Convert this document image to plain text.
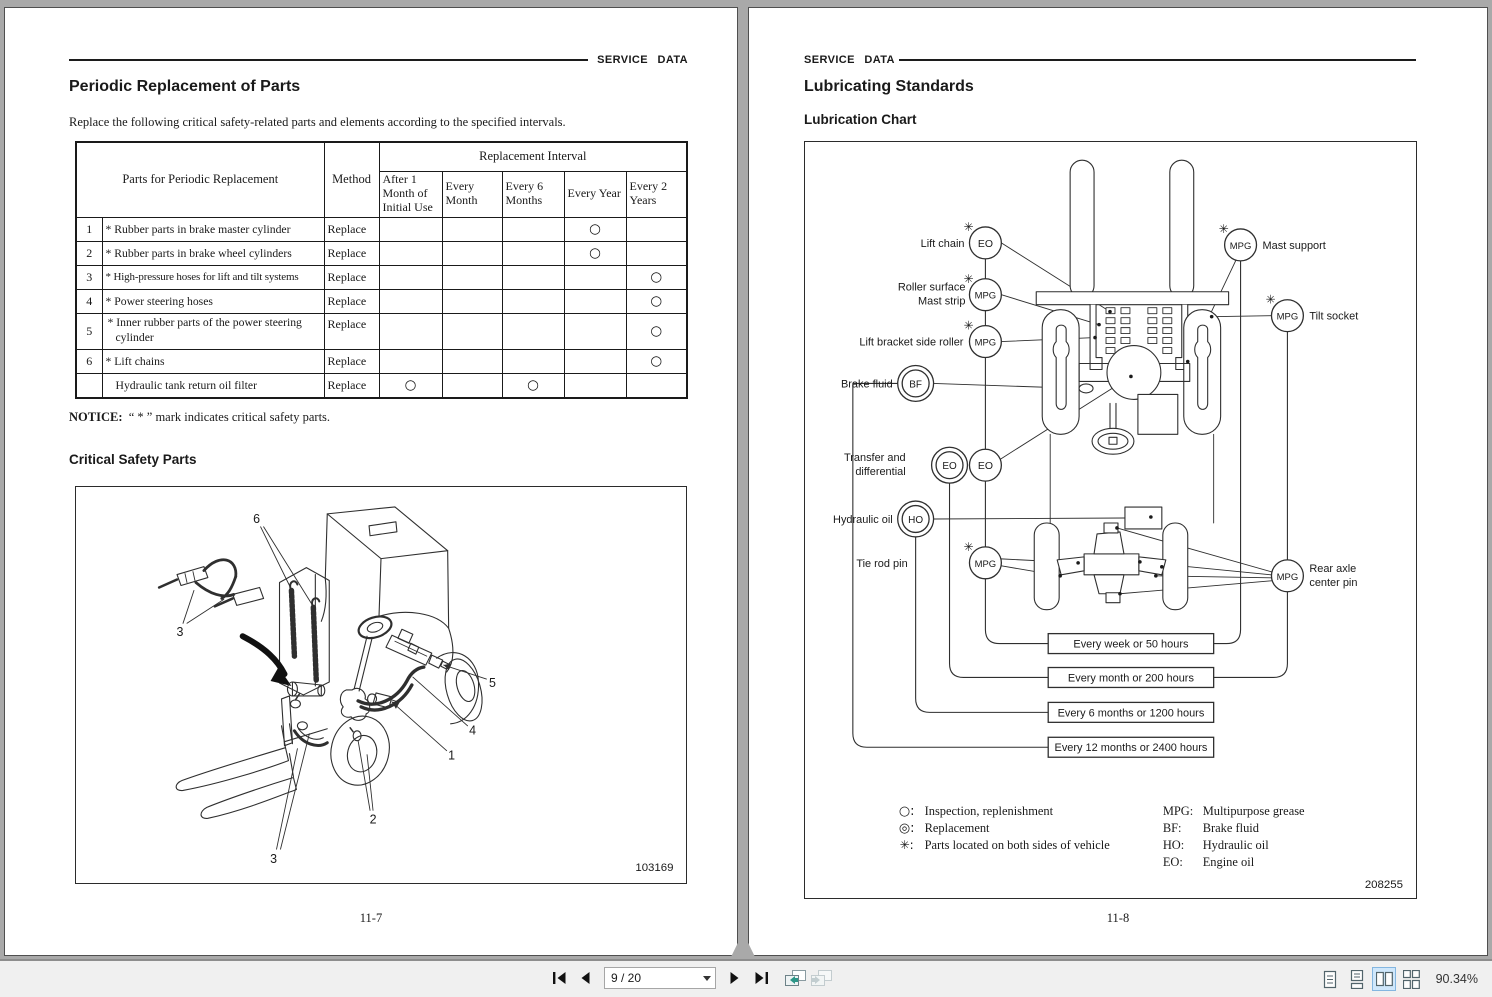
SERVICE DATA
Periodic Replacement of Parts
Replace the following critical safety-related parts and elements according to the specified intervals.
Parts for Periodic Replacement		Method	Replacement Interval				
			After 1 Month of Initial Use	Every Month	Every 6 Months	Every Year	Every 2 Years
1	* Rubber parts in brake master cylinder	Replace				○	
2	* Rubber parts in brake wheel cylinders	Replace				○	
3	* High-pressure hoses for lift and tilt systems	Replace					○
4	* Power steering hoses	Replace					○
5	* Inner rubber parts of the power steering cylinder	Replace					○
6	* Lift chains	Replace					○
	Hydraulic tank return oil filter	Replace	○		○		
NOTICE: “ * ” mark indicates critical safety parts.
Critical Safety Parts
6
3
5
4
1
2
3
103169
11-7
SERVICE DATA
Lubricating Standards
Lubrication Chart
EO
MPG
MPG
BF
EO EO
HO
MPG
MPG
MPG
MPG
✳
✳
✳
✳
✳
✳
Lift chain
Roller surface
Mast strip
Lift bracket side roller
Brake fluid
Transfer and
differential
Hydraulic oil
Tie rod pin
Mast support
Tilt socket
Rear axle
center pin
Every week or 50 hours
Every month or 200 hours
Every 6 months or 1200 hours
Every 12 months or 2400 hours
○: Inspection, replenishment
◎: Replacement
✳: Parts located on both sides of vehicle
MPG: Multipurpose grease
BF: Brake fluid
HO: Hydraulic oil
EO: Engine oil
208255
11-8
9 / 20
90.34%
